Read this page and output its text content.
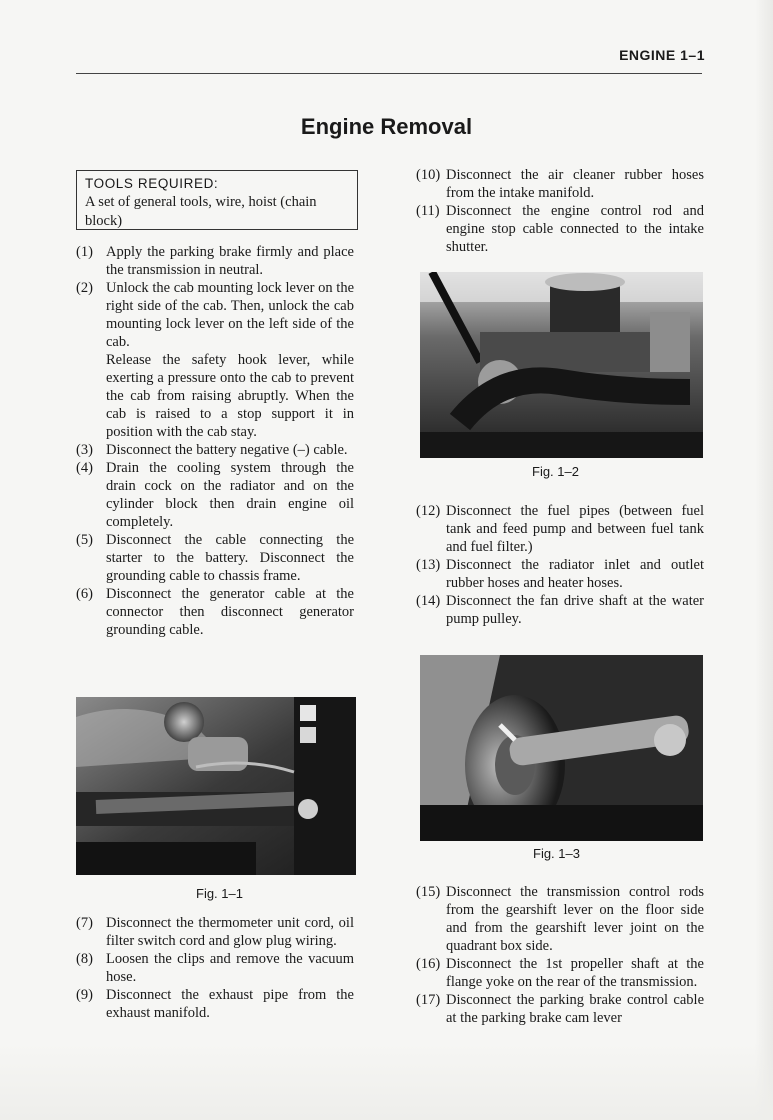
ENGINE 1–1
Engine Removal
TOOLS REQUIRED:
A set of general tools, wire, hoist (chain block)
(1) Apply the parking brake firmly and place the transmission in neutral.
(2) Unlock the cab mounting lock lever on the right side of the cab. Then, unlock the cab mounting lock lever on the left side of the cab.
Release the safety hook lever, while exerting a pressure onto the cab to prevent the cab from raising abruptly. When the cab is raised to a stop support it in position with the cab stay.
(3) Disconnect the battery negative (–) cable.
(4) Drain the cooling system through the drain cock on the radiator and on the cylinder block then drain engine oil completely.
(5) Disconnect the cable connecting the starter to the battery. Disconnect the grounding cable to chassis frame.
(6) Disconnect the generator cable at the connector then disconnect generator grounding cable.
Fig. 1–1
(7) Disconnect the thermometer unit cord, oil filter switch cord and glow plug wiring.
(8) Loosen the clips and remove the vacuum hose.
(9) Disconnect the exhaust pipe from the exhaust manifold.
(10) Disconnect the air cleaner rubber hoses from the intake manifold.
(11) Disconnect the engine control rod and engine stop cable connected to the intake shutter.
Fig. 1–2
(12) Disconnect the fuel pipes (between fuel tank and feed pump and between fuel tank and fuel filter.)
(13) Disconnect the radiator inlet and outlet rubber hoses and heater hoses.
(14) Disconnect the fan drive shaft at the water pump pulley.
Fig. 1–3
(15) Disconnect the transmission control rods from the gearshift lever on the floor side and from the gearshift lever joint on the quadrant box side.
(16) Disconnect the 1st propeller shaft at the flange yoke on the rear of the transmission.
(17) Disconnect the parking brake control cable at the parking brake cam lever
